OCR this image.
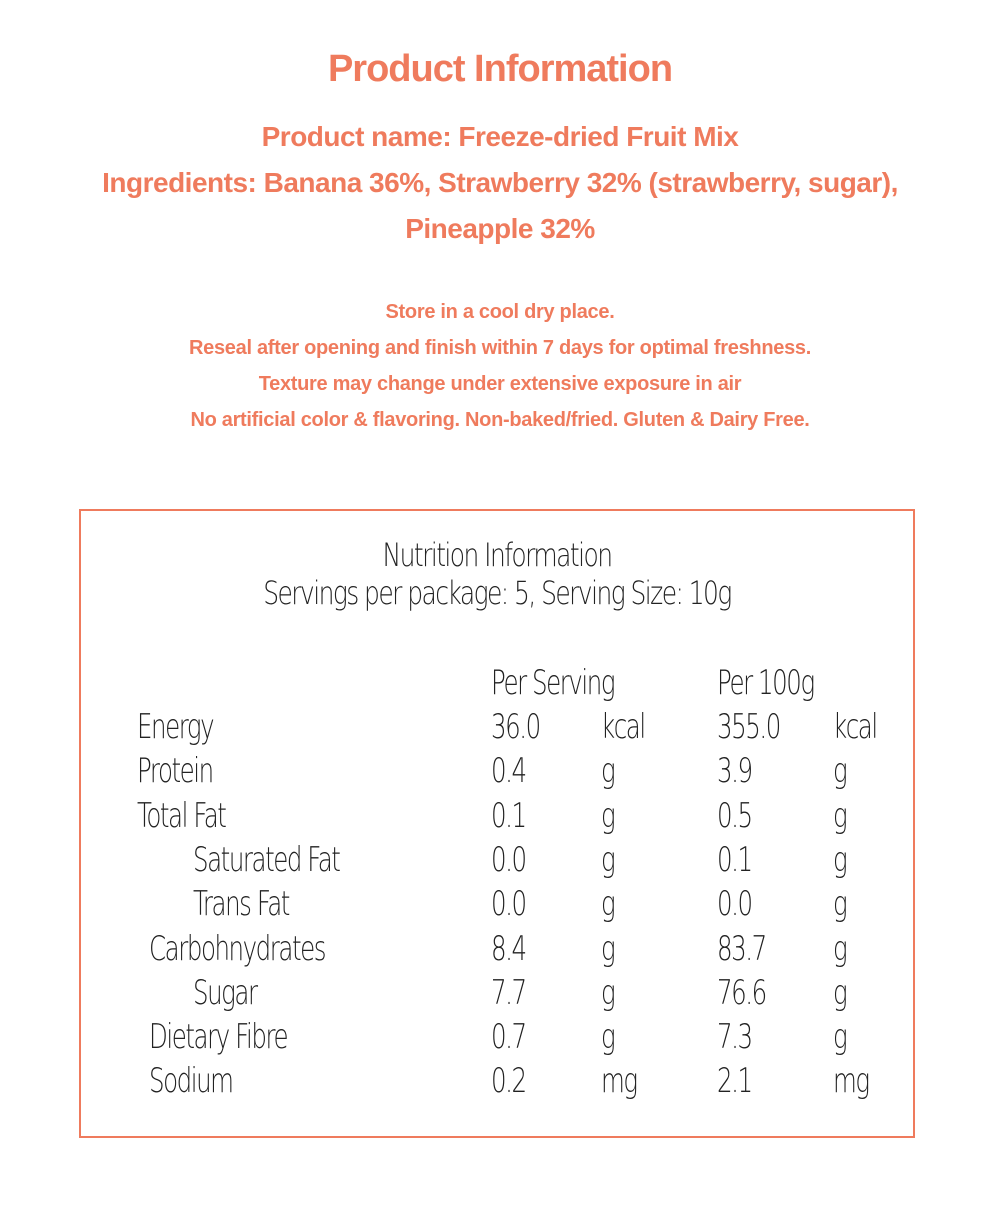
Product Information
Product name: Freeze-dried Fruit Mix
Ingredients: Banana 36%, Strawberry 32% (strawberry, sugar),
Pineapple 32%
Store in a cool dry place.
Reseal after opening and finish within 7 days for optimal freshness.
Texture may change under extensive exposure in air
No artificial color & flavoring. Non-baked/fried. Gluten & Dairy Free.
Nutrition Information
Servings per package: 5, Serving Size: 10g
Per Serving	Per 100g
Energy	36.0 kcal 355.0 kcal
Protein	0.4 g	3.9 g
Total Fat	0.1 g	0.5 g
Saturated Fat	0.0 g	0.1 g
Trans Fat	0.0 g	0.0 g
Carbohnydrates	8.4 g	83.7 g
Sugar	7.7 g	76.6 g
Dietary Fibre	0.7 g	7.3 g
Sodium	0.2 mg 2.1 mg
